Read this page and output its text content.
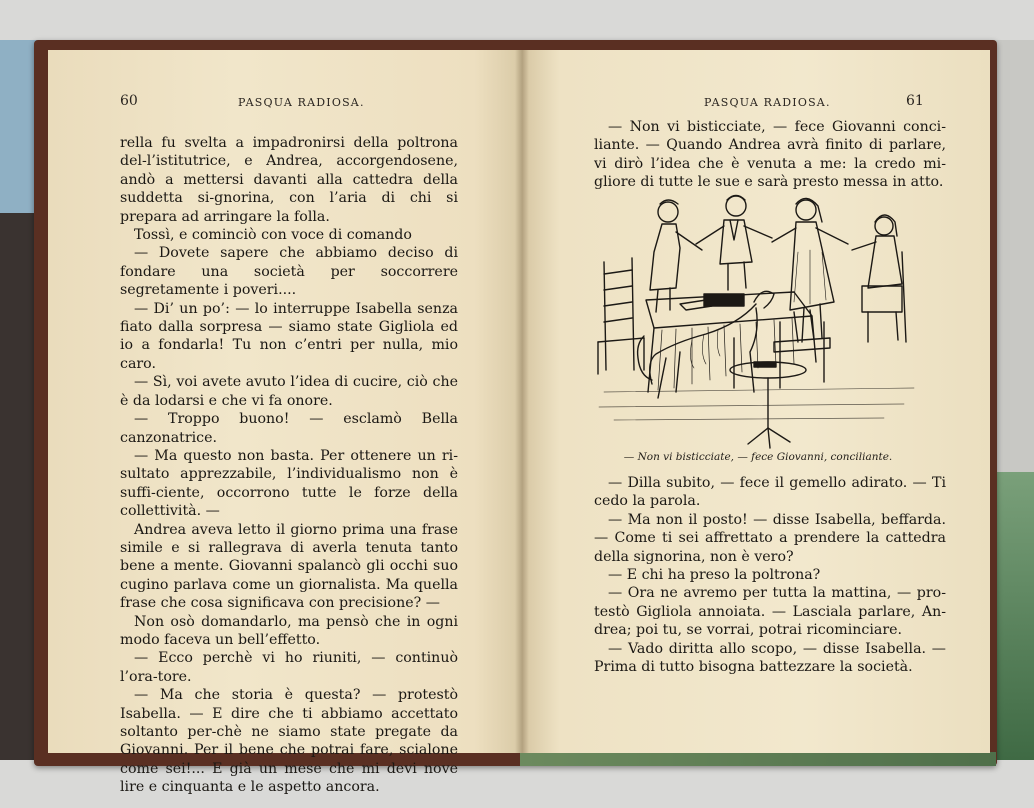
60	PASQUA RADIOSA.

rella fu svelta a impadronirsi della poltrona del-l’istitutrice, e Andrea, accorgendosene, andò a mettersi davanti alla cattedra della suddetta si-gnorina, con l’aria di chi si prepara ad arringare la folla.

Tossì, e cominciò con voce di comando

— Dovete sapere che abbiamo deciso di fondare una società per soccorrere segretamente i poveri....

— Di’ un po’: — lo interruppe Isabella senza fiato dalla sorpresa — siamo state Gigliola ed io a fondarla! Tu non c’entri per nulla, mio caro.

— Sì, voi avete avuto l’idea di cucire, ciò che è da lodarsi e che vi fa onore.

— Troppo buono! — esclamò Bella canzonatrice.

— Ma questo non basta. Per ottenere un ri-sultato apprezzabile, l’individualismo non è suffi-ciente, occorrono tutte le forze della collettività. —

Andrea aveva letto il giorno prima una frase simile e si rallegrava di averla tenuta tanto bene a mente. Giovanni spalancò gli occhi suo cugino parlava come un giornalista. Ma quella frase che cosa significava con precisione? —

Non osò domandarlo, ma pensò che in ogni modo faceva un bell’effetto.

— Ecco perchè vi ho riuniti, — continuò l’ora-tore.

— Ma che storia è questa? — protestò Isabella. — E dire che ti abbiamo accettato soltanto per-chè ne siamo state pregate da Giovanni. Per il bene che potrai fare, scialone come sei!... E già un mese che mi devi nove lire e cinquanta e le aspetto ancora.

PASQUA RADIOSA.	61

— Non vi bisticciate, — fece Giovanni conci-liante. — Quando Andrea avrà finito di parlare, vi dirò l’idea che è venuta a me: la credo mi-gliore di tutte le sue e sarà presto messa in atto.

— Non vi bisticciate, — fece Giovanni, conciliante.

— Dilla subito, — fece il gemello adirato. — Ti cedo la parola.

— Ma non il posto! — disse Isabella, beffarda. — Come ti sei affrettato a prendere la cattedra della signorina, non è vero?

— E chi ha preso la poltrona?

— Ora ne avremo per tutta la mattina, — pro-testò Gigliola annoiata. — Lasciala parlare, An-drea; poi tu, se vorrai, potrai ricominciare.

— Vado diritta allo scopo, — disse Isabella. — Prima di tutto bisogna battezzare la società.
